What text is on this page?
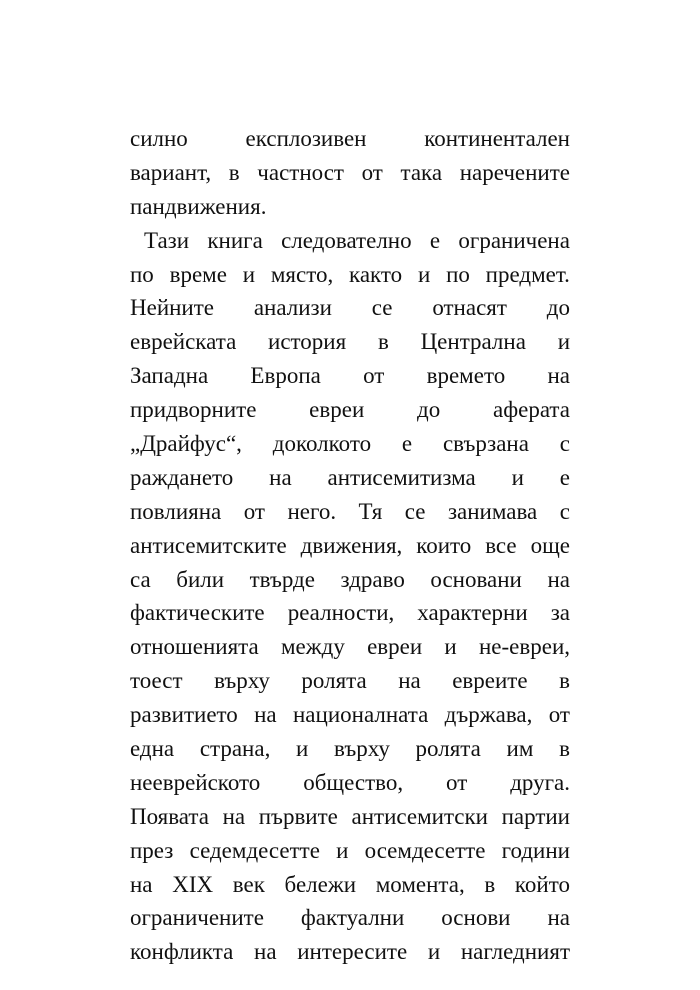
силно	експлозивен	континентален
вариант, в частност от така наречените
пандвижения.
Тази книга следователно е ограничена
по време и място, както и по предмет.
Нейните анализи се отнасят до
еврейската история в Централна и
Западна Европа от времето на
придворните евреи до аферата
„Драйфус“, доколкото е свързана с
раждането на антисемитизма и е
повлияна от него. Тя се занимава с
антисемитските движения, които все още
са били твърде здраво основани на
фактическите реалности, характерни за
отношенията между евреи и не-евреи,
тоест върху ролята на евреите в
развитието на националната държава, от
една страна, и върху ролята им в
нееврейското общество, от друга.
Появата на първите антисемитски партии
през седемдесетте и осемдесетте години
на XIX век бележи момента, в който
ограничените фактуални основи на
конфликта на интересите и нагледният
